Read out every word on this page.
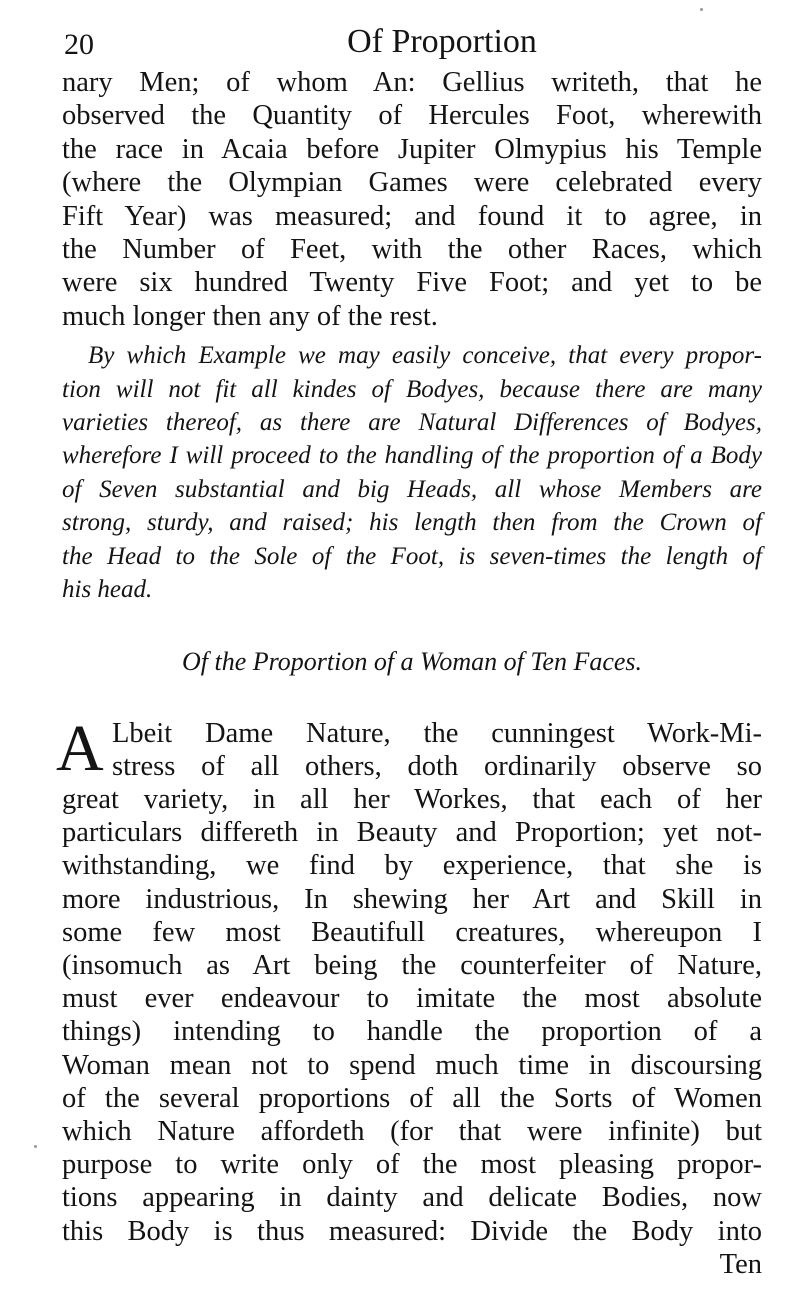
20	Of Proportion
nary Men; of whom An: Gellius writeth, that he
observed the Quantity of Hercules Foot, wherewith
the race in Acaia before Jupiter Olmypius his Temple
(where the Olympian Games were celebrated every
Fift Year) was measured; and found it to agree, in
the Number of Feet, with the other Races, which
were six hundred Twenty Five Foot; and yet to be
much longer then any of the rest.
By which Example we may easily conceive, that every propor-
tion will not fit all kindes of Bodyes, because there are many
varieties thereof, as there are Natural Differences of Bodyes,
wherefore I will proceed to the handling of the proportion of a Body
of Seven substantial and big Heads, all whose Members are
strong, sturdy, and raised; his length then from the Crown of
the Head to the Sole of the Foot, is seven-times the length of
his head.
Of the Proportion of a Woman of Ten Faces.
A Lbeit Dame Nature, the cunningest Work-Mi-
stress of all others, doth ordinarily observe so
great variety, in all her Workes, that each of her
particulars differeth in Beauty and Proportion; yet not-
withstanding, we find by experience, that she is
more industrious, In shewing her Art and Skill in
some few most Beautifull creatures, whereupon I
(insomuch as Art being the counterfeiter of Nature,
must ever endeavour to imitate the most absolute
things) intending to handle the proportion of a
Woman mean not to spend much time in discoursing
of the several proportions of all the Sorts of Women
which Nature affordeth (for that were infinite) but
purpose to write only of the most pleasing propor-
tions appearing in dainty and delicate Bodies, now
this Body is thus measured: Divide the Body into
Ten
